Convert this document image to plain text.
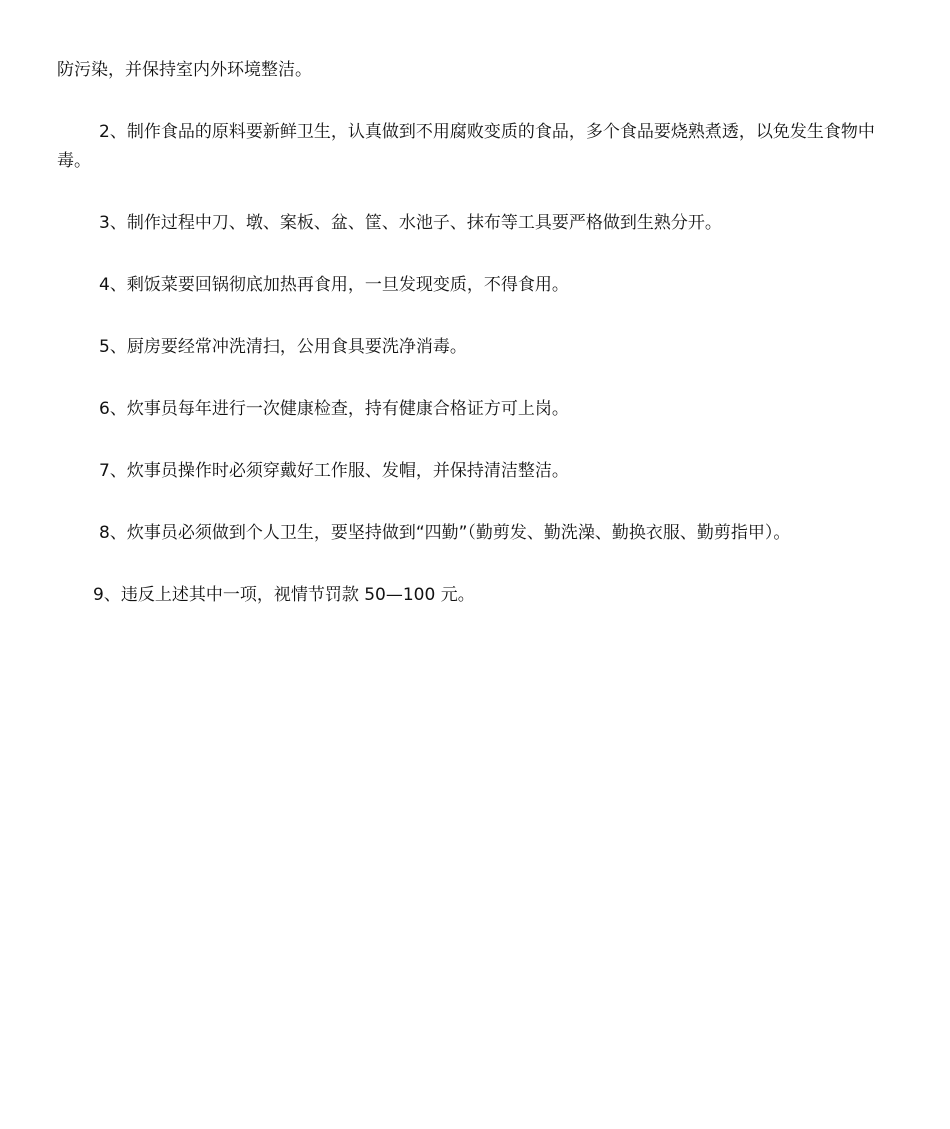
防污染，并保持室内外环境整洁。

2、制作食品的原料要新鲜卫生，认真做到不用腐败变质的食品，多个食品要烧熟煮透，以免发生食物中毒。

3、制作过程中刀、墩、案板、盆、筐、水池子、抹布等工具要严格做到生熟分开。

4、剩饭菜要回锅彻底加热再食用，一旦发现变质，不得食用。

5、厨房要经常冲洗清扫，公用食具要洗净消毒。

6、炊事员每年进行一次健康检查，持有健康合格证方可上岗。

7、炊事员操作时必须穿戴好工作服、发帽，并保持清洁整洁。

8、炊事员必须做到个人卫生，要坚持做到“四勤”（勤剪发、勤洗澡、勤换衣服、勤剪指甲）。

9、违反上述其中一项，视情节罚款 50—100 元。
